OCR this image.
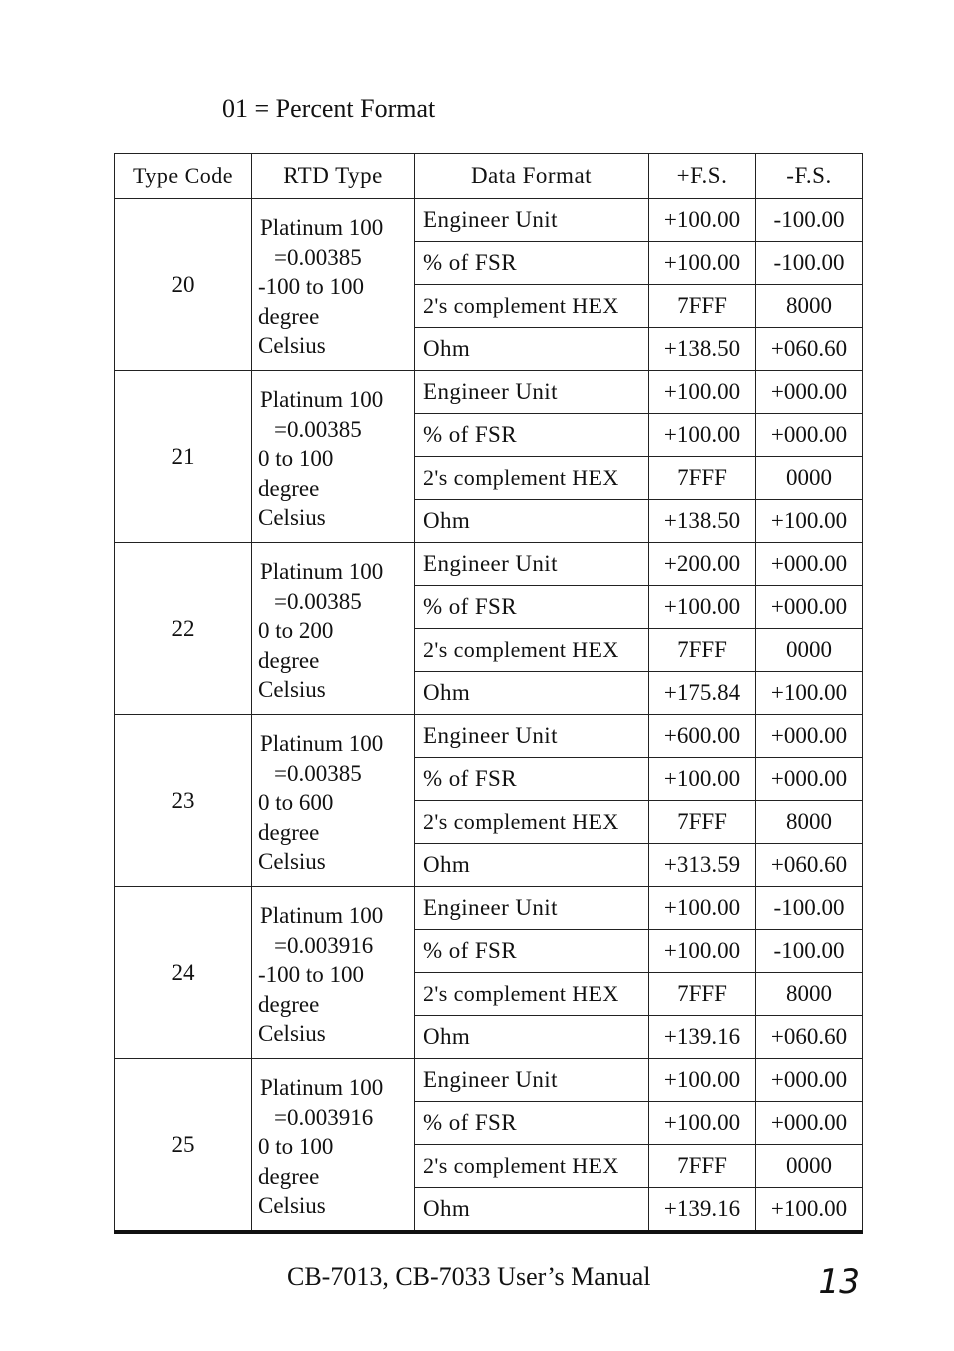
01 = Percent Format
Type Code	RTD Type	Data Format	+F.S.	-F.S.
20	Platinum 100
=0.00385
-100 to 100
degree
Celsius	Engineer Unit	+100.00	-100.00
		% of FSR	+100.00	-100.00
		2's complement HEX	7FFF	8000
		Ohm	+138.50	+060.60
21	Platinum 100
=0.00385
0 to 100
degree
Celsius	Engineer Unit	+100.00	+000.00
		% of FSR	+100.00	+000.00
		2's complement HEX	7FFF	0000
		Ohm	+138.50	+100.00
22	Platinum 100
=0.00385
0 to 200
degree
Celsius	Engineer Unit	+200.00	+000.00
		% of FSR	+100.00	+000.00
		2's complement HEX	7FFF	0000
		Ohm	+175.84	+100.00
23	Platinum 100
=0.00385
0 to 600
degree
Celsius	Engineer Unit	+600.00	+000.00
		% of FSR	+100.00	+000.00
		2's complement HEX	7FFF	8000
		Ohm	+313.59	+060.60
24	Platinum 100
=0.003916
-100 to 100
degree
Celsius	Engineer Unit	+100.00	-100.00
		% of FSR	+100.00	-100.00
		2's complement HEX	7FFF	8000
		Ohm	+139.16	+060.60
25	Platinum 100
=0.003916
0 to 100
degree
Celsius	Engineer Unit	+100.00	+000.00
		% of FSR	+100.00	+000.00
		2's complement HEX	7FFF	0000
		Ohm	+139.16	+100.00
CB-7013, CB-7033 User’s Manual	13
